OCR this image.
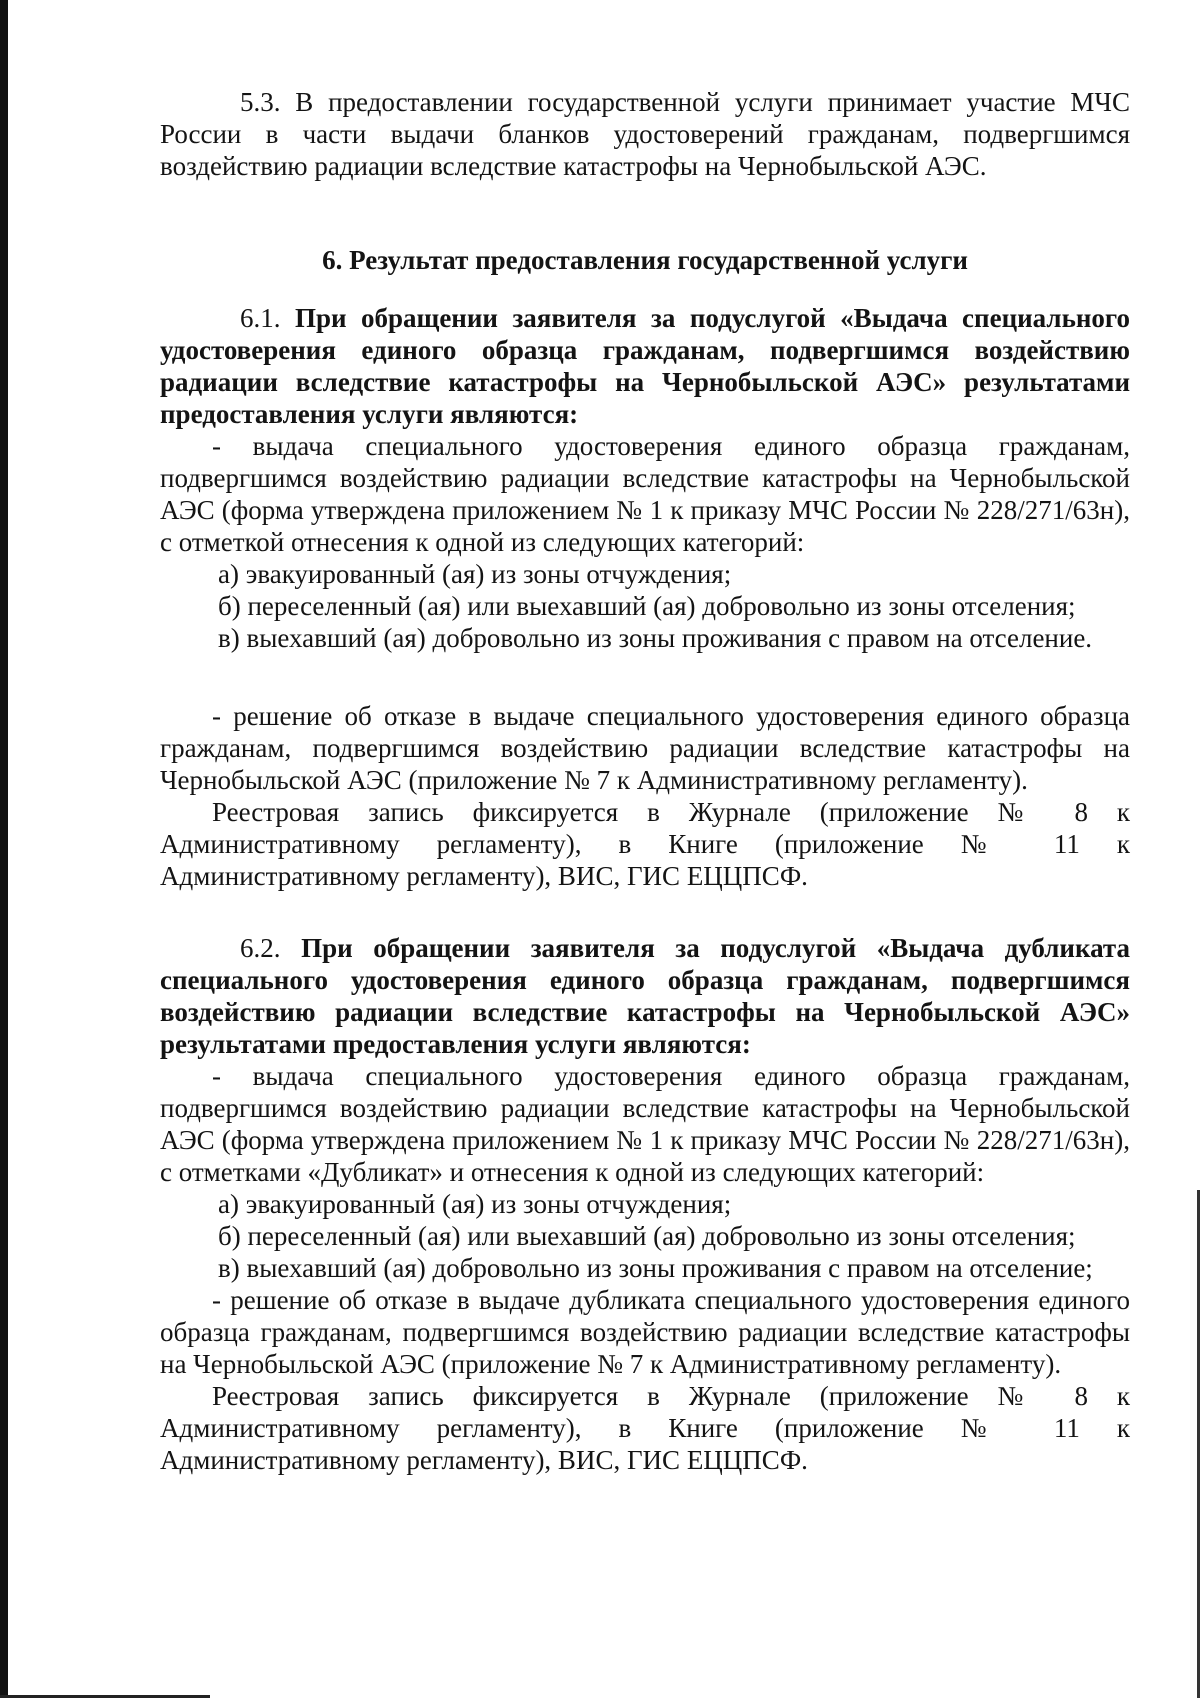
5.3. В предоставлении государственной услуги принимает участие МЧС России в части выдачи бланков удостоверений гражданам, подвергшимся воздействию радиации вследствие катастрофы на Чернобыльской АЭС.

6. Результат предоставления государственной услуги

6.1. При обращении заявителя за подуслугой «Выдача специального удостоверения единого образца гражданам, подвергшимся воздействию радиации вследствие катастрофы на Чернобыльской АЭС» результатами предоставления услуги являются:

- выдача специального удостоверения единого образца гражданам, подвергшимся воздействию радиации вследствие катастрофы на Чернобыльской АЭС (форма утверждена приложением № 1 к приказу МЧС России № 228/271/63н), с отметкой отнесения к одной из следующих категорий:

а) эвакуированный (ая) из зоны отчуждения;

б) переселенный (ая) или выехавший (ая) добровольно из зоны отселения;

в) выехавший (ая) добровольно из зоны проживания с правом на отселение.

- решение об отказе в выдаче специального удостоверения единого образца гражданам, подвергшимся воздействию радиации вследствие катастрофы на Чернобыльской АЭС (приложение № 7 к Административному регламенту).

Реестровая запись фиксируется в Журнале (приложение № 8 к Административному регламенту), в Книге (приложение № 11 к Административному регламенту), ВИС, ГИС ЕЦЦПСФ.

6.2. При обращении заявителя за подуслугой «Выдача дубликата специального удостоверения единого образца гражданам, подвергшимся воздействию радиации вследствие катастрофы на Чернобыльской АЭС» результатами предоставления услуги являются:

- выдача специального удостоверения единого образца гражданам, подвергшимся воздействию радиации вследствие катастрофы на Чернобыльской АЭС (форма утверждена приложением № 1 к приказу МЧС России № 228/271/63н), с отметками «Дубликат» и отнесения к одной из следующих категорий:

а) эвакуированный (ая) из зоны отчуждения;

б) переселенный (ая) или выехавший (ая) добровольно из зоны отселения;

в) выехавший (ая) добровольно из зоны проживания с правом на отселение;

- решение об отказе в выдаче дубликата специального удостоверения единого образца гражданам, подвергшимся воздействию радиации вследствие катастрофы на Чернобыльской АЭС (приложение № 7 к Административному регламенту).

Реестровая запись фиксируется в Журнале (приложение № 8 к Административному регламенту), в Книге (приложение № 11 к Административному регламенту), ВИС, ГИС ЕЦЦПСФ.
